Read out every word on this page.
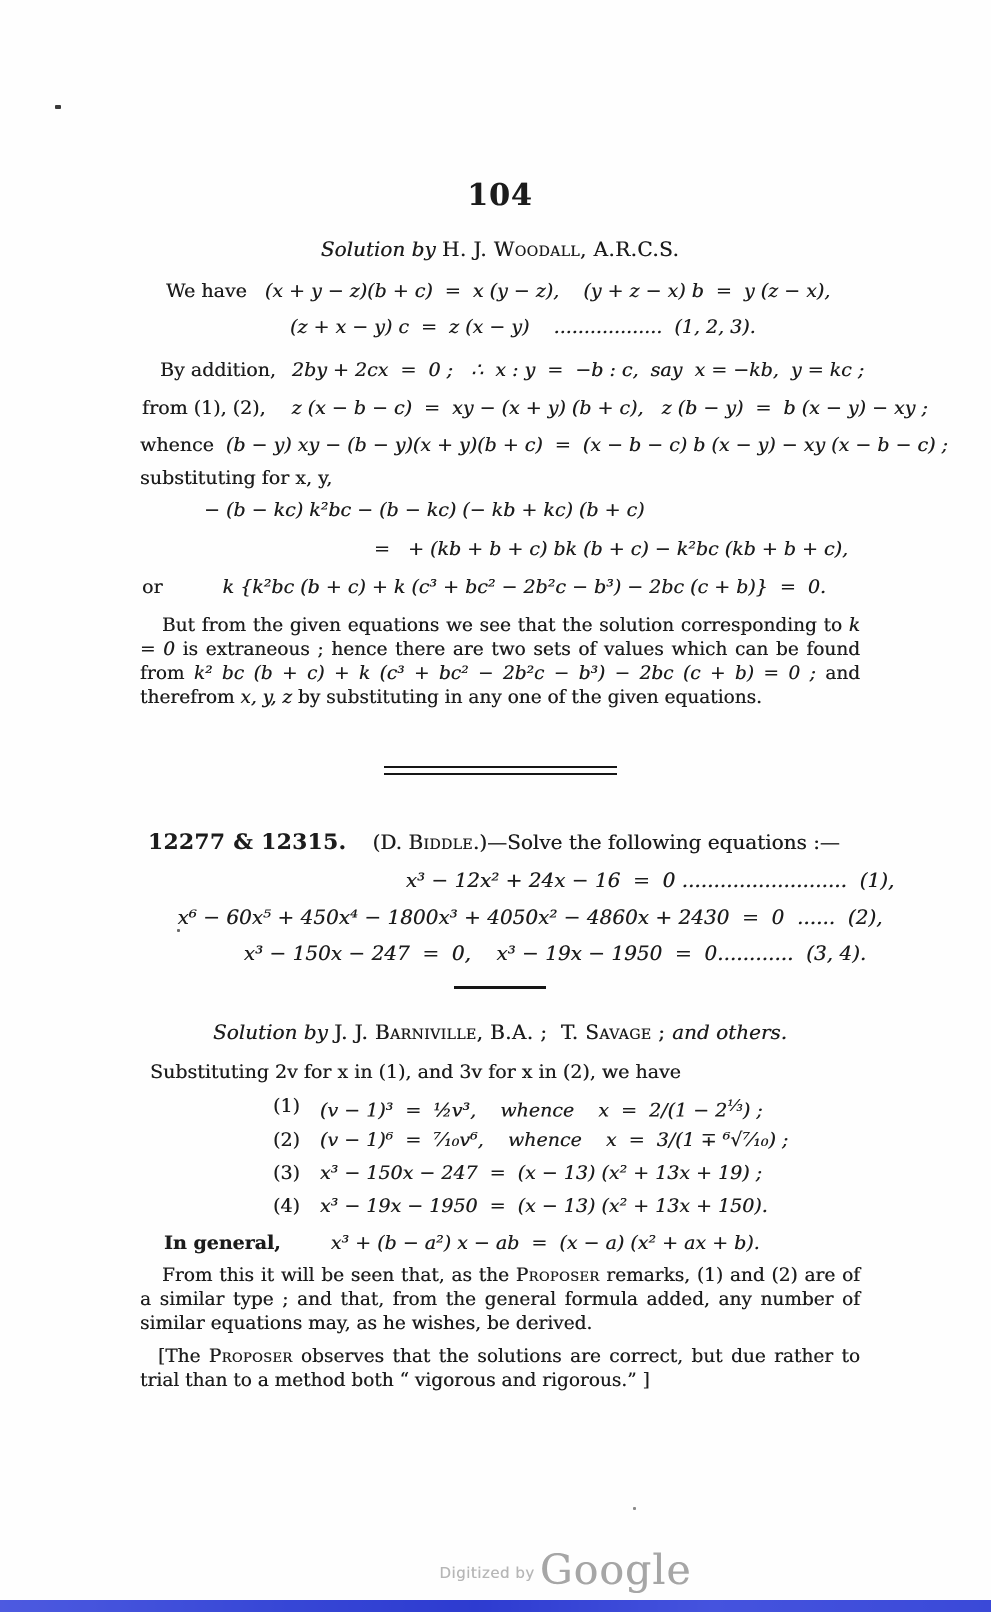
104
Solution by H. J. Woodall, A.R.C.S.
We have (x + y − z)(b + c)  =  x (y − z),    (y + z − x) b  =  y (z − x),
(z + x − y) c  =  z (x − y)    ..................  (1, 2, 3).
By addition, 2by + 2cx  =  0 ;   ∴  x : y  =  −b : c,  say  x = −kb,  y = kc ;
from (1), (2), z (x − b − c)  =  xy − (x + y) (b + c),   z (b − y)  =  b (x − y) − xy ;
whence (b − y) xy − (b − y)(x + y)(b + c)  =  (x − b − c) b (x − y) − xy (x − b − c) ;
substituting for x, y,
− (b − kc) k²bc − (b − kc) (− kb + kc) (b + c)
=   + (kb + b + c) bk (b + c) − k²bc (kb + b + c),
or	k {k²bc (b + c) + k (c³ + bc² − 2b²c − b³) − 2bc (c + b)}  =  0.
But from the given equations we see that the solution corresponding to k = 0 is extraneous ; hence there are two sets of values which can be found from k² bc (b + c) + k (c³ + bc² − 2b²c − b³) − 2bc (c + b) = 0 ; and therefrom x, y, z by substituting in any one of the given equations.
12277 & 12315. (D. Biddle.)—Solve the following equations :—
x³ − 12x² + 24x − 16  =  0 ..........................  (1),
x⁶ − 60x⁵ + 450x⁴ − 1800x³ + 4050x² − 4860x + 2430  =  0  ......  (2),
x³ − 150x − 247  =  0,    x³ − 19x − 1950  =  0............  (3, 4).
Solution by J. J. Barniville, B.A. ;  T. Savage ; and others.
Substituting 2v for x in (1), and 3v for x in (2), we have
(1) (v − 1)³  =  ½v³,    whence    $x = 2/(1 - 2^{\frac{1}{3}})$ ;
(2) (v − 1)⁶  =  ⁷⁄₁₀v⁶,    whence    x  =  3/(1 ∓ ⁶√⁷⁄₁₀) ;
(3) x³ − 150x − 247  =  (x − 13) (x² + 13x + 19) ;
(4) x³ − 19x − 1950  =  (x − 13) (x² + 13x + 150).
In general,	x³ + (b − a²) x − ab  =  (x − a) (x² + ax + b).
From this it will be seen that, as the Proposer remarks, (1) and (2) are of a similar type ; and that, from the general formula added, any number of similar equations may, as he wishes, be derived.
[The Proposer observes that the solutions are correct, but due rather to trial than to a method both “ vigorous and rigorous.” ]
Digitized by Google
